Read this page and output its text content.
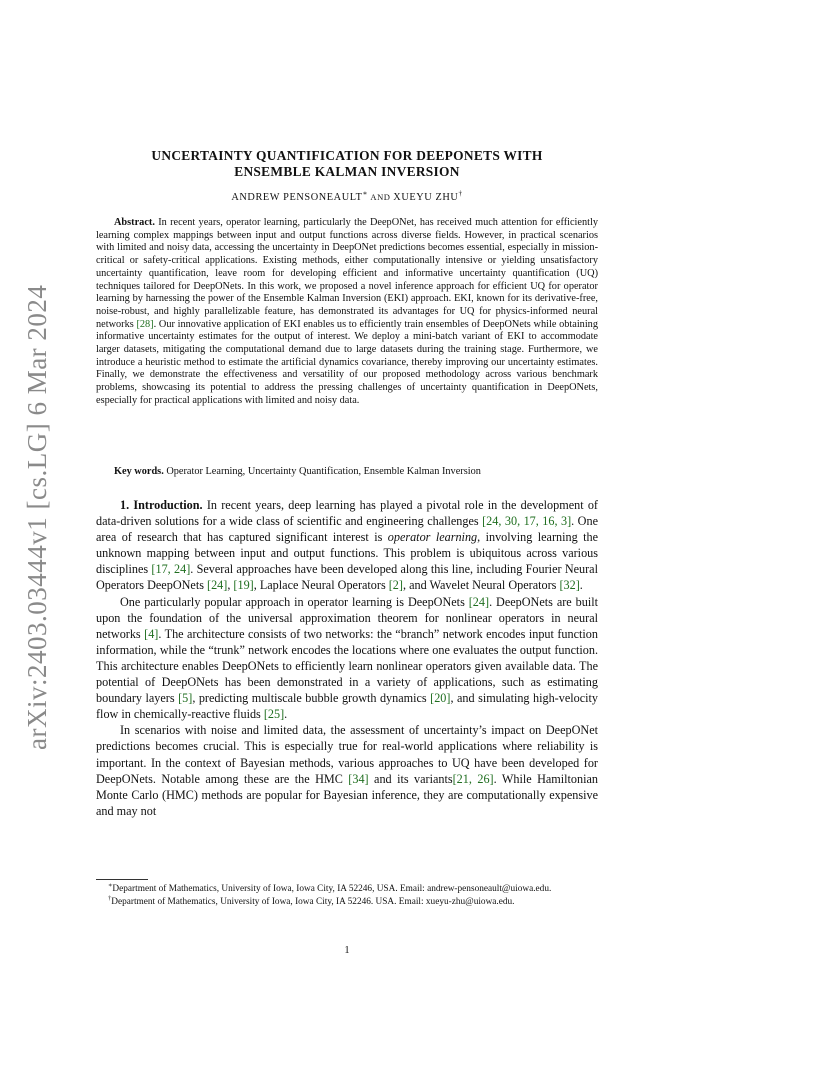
arXiv:2403.03444v1 [cs.LG] 6 Mar 2024
UNCERTAINTY QUANTIFICATION FOR DEEPONETS WITH
ENSEMBLE KALMAN INVERSION
ANDREW PENSONEAULT∗ AND XUEYU ZHU†
Abstract. In recent years, operator learning, particularly the DeepONet, has received much attention for efficiently learning complex mappings between input and output functions across diverse fields. However, in practical scenarios with limited and noisy data, accessing the uncertainty in DeepONet predictions becomes essential, especially in mission-critical or safety-critical applications. Existing methods, either computationally intensive or yielding unsatisfactory uncertainty quantification, leave room for developing efficient and informative uncertainty quantification (UQ) techniques tailored for DeepONets. In this work, we proposed a novel inference approach for efficient UQ for operator learning by harnessing the power of the Ensemble Kalman Inversion (EKI) approach. EKI, known for its derivative-free, noise-robust, and highly parallelizable feature, has demonstrated its advantages for UQ for physics-informed neural networks [28]. Our innovative application of EKI enables us to efficiently train ensembles of DeepONets while obtaining informative uncertainty estimates for the output of interest. We deploy a mini-batch variant of EKI to accommodate larger datasets, mitigating the computational demand due to large datasets during the training stage. Furthermore, we introduce a heuristic method to estimate the artificial dynamics covariance, thereby improving our uncertainty estimates. Finally, we demonstrate the effectiveness and versatility of our proposed methodology across various benchmark problems, showcasing its potential to address the pressing challenges of uncertainty quantification in DeepONets, especially for practical applications with limited and noisy data.
Key words. Operator Learning, Uncertainty Quantification, Ensemble Kalman Inversion

1. Introduction. In recent years, deep learning has played a pivotal role in the development of data-driven solutions for a wide class of scientific and engineering challenges [24, 30, 17, 16, 3]. One area of research that has captured significant interest is operator learning, involving learning the unknown mapping between input and output functions. This problem is ubiquitous across various disciplines [17, 24]. Several approaches have been developed along this line, including Fourier Neural Operators DeepONets [24], [19], Laplace Neural Operators [2], and Wavelet Neural Operators [32].

One particularly popular approach in operator learning is DeepONets [24]. DeepONets are built upon the foundation of the universal approximation theorem for nonlinear operators in neural networks [4]. The architecture consists of two networks: the “branch” network encodes input function information, while the “trunk” network encodes the locations where one evaluates the output function. This architecture enables DeepONets to efficiently learn nonlinear operators given available data. The potential of DeepONets has been demonstrated in a variety of applications, such as estimating boundary layers [5], predicting multiscale bubble growth dynamics [20], and simulating high-velocity flow in chemically-reactive fluids [25].

In scenarios with noise and limited data, the assessment of uncertainty’s impact on DeepONet predictions becomes crucial. This is especially true for real-world applications where reliability is important. In the context of Bayesian methods, various approaches to UQ have been developed for DeepONets. Notable among these are the HMC [34] and its variants[21, 26]. While Hamiltonian Monte Carlo (HMC) methods are popular for Bayesian inference, they are computationally expensive and may not

∗Department of Mathematics, University of Iowa, Iowa City, IA 52246, USA. Email: andrew-pensoneault@uiowa.edu.

†Department of Mathematics, University of Iowa, Iowa City, IA 52246. USA. Email: xueyu-zhu@uiowa.edu.

1
